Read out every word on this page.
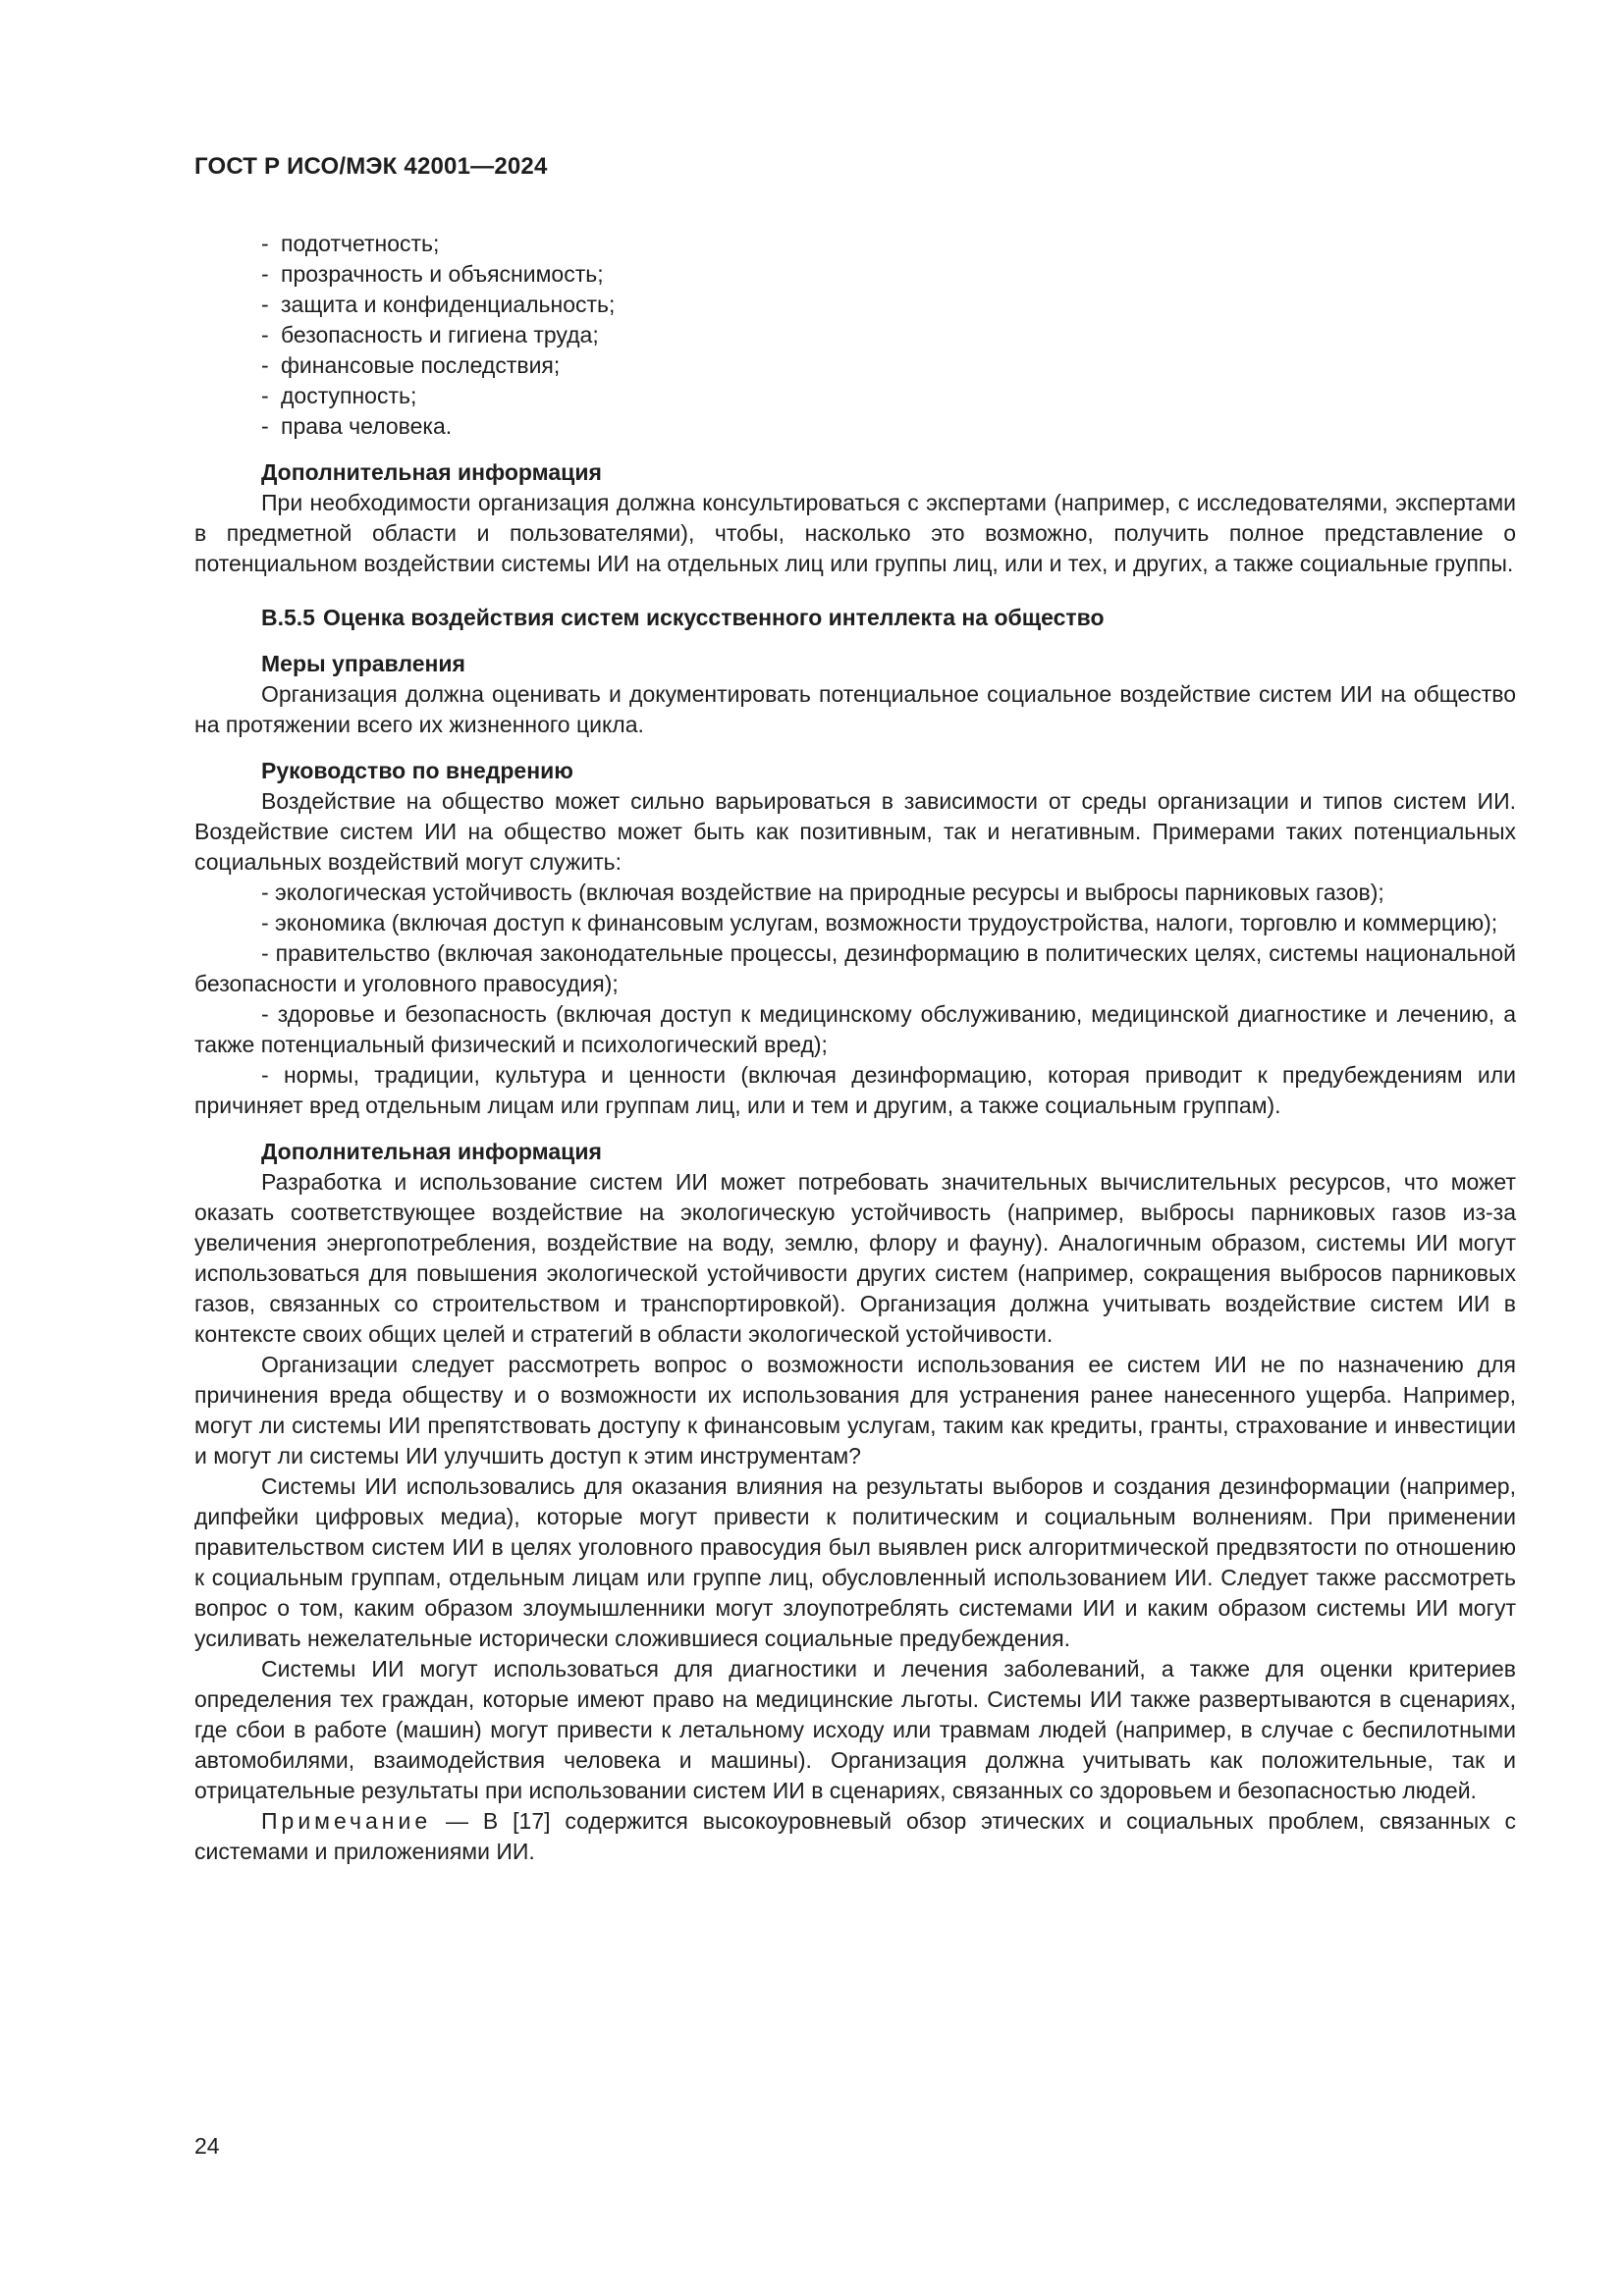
ГОСТ Р ИСО/МЭК 42001—2024
- подотчетность;
- прозрачность и объяснимость;
- защита и конфиденциальность;
- безопасность и гигиена труда;
- финансовые последствия;
- доступность;
- права человека.
Дополнительная информация

При необходимости организация должна консультироваться с экспертами (например, с исследователями, экспертами в предметной области и пользователями), чтобы, насколько это возможно, получить полное представление о потенциальном воздействии системы ИИ на отдельных лиц или группы лиц, или и тех, и других, а также социальные группы.

B.5.5 Оценка воздействия систем искусственного интеллекта на общество
Меры управления

Организация должна оценивать и документировать потенциальное социальное воздействие систем ИИ на общество на протяжении всего их жизненного цикла.

Руководство по внедрению

Воздействие на общество может сильно варьироваться в зависимости от среды организации и типов систем ИИ. Воздействие систем ИИ на общество может быть как позитивным, так и негативным. Примерами таких потенциальных социальных воздействий могут служить:

- экологическая устойчивость (включая воздействие на природные ресурсы и выбросы парниковых газов);

- экономика (включая доступ к финансовым услугам, возможности трудоустройства, налоги, торговлю и коммерцию);

- правительство (включая законодательные процессы, дезинформацию в политических целях, системы национальной безопасности и уголовного правосудия);

- здоровье и безопасность (включая доступ к медицинскому обслуживанию, медицинской диагностике и лечению, а также потенциальный физический и психологический вред);

- нормы, традиции, культура и ценности (включая дезинформацию, которая приводит к предубеждениям или причиняет вред отдельным лицам или группам лиц, или и тем и другим, а также социальным группам).

Дополнительная информация

Разработка и использование систем ИИ может потребовать значительных вычислительных ресурсов, что может оказать соответствующее воздействие на экологическую устойчивость (например, выбросы парниковых газов из-за увеличения энергопотребления, воздействие на воду, землю, флору и фауну). Аналогичным образом, системы ИИ могут использоваться для повышения экологической устойчивости других систем (например, сокращения выбросов парниковых газов, связанных со строительством и транспортировкой). Организация должна учитывать воздействие систем ИИ в контексте своих общих целей и стратегий в области экологической устойчивости.

Организации следует рассмотреть вопрос о возможности использования ее систем ИИ не по назначению для причинения вреда обществу и о возможности их использования для устранения ранее нанесенного ущерба. Например, могут ли системы ИИ препятствовать доступу к финансовым услугам, таким как кредиты, гранты, страхование и инвестиции и могут ли системы ИИ улучшить доступ к этим инструментам?

Системы ИИ использовались для оказания влияния на результаты выборов и создания дезинформации (например, дипфейки цифровых медиа), которые могут привести к политическим и социальным волнениям. При применении правительством систем ИИ в целях уголовного правосудия был выявлен риск алгоритмической предвзятости по отношению к социальным группам, отдельным лицам или группе лиц, обусловленный использованием ИИ. Следует также рассмотреть вопрос о том, каким образом злоумышленники могут злоупотреблять системами ИИ и каким образом системы ИИ могут усиливать нежелательные исторически сложившиеся социальные предубеждения.

Системы ИИ могут использоваться для диагностики и лечения заболеваний, а также для оценки критериев определения тех граждан, которые имеют право на медицинские льготы. Системы ИИ также развертываются в сценариях, где сбои в работе (машин) могут привести к летальному исходу или травмам людей (например, в случае с беспилотными автомобилями, взаимодействия человека и машины). Организация должна учитывать как положительные, так и отрицательные результаты при использовании систем ИИ в сценариях, связанных со здоровьем и безопасностью людей.

Примечание — В [17] содержится высокоуровневый обзор этических и социальных проблем, связанных с системами и приложениями ИИ.

24
